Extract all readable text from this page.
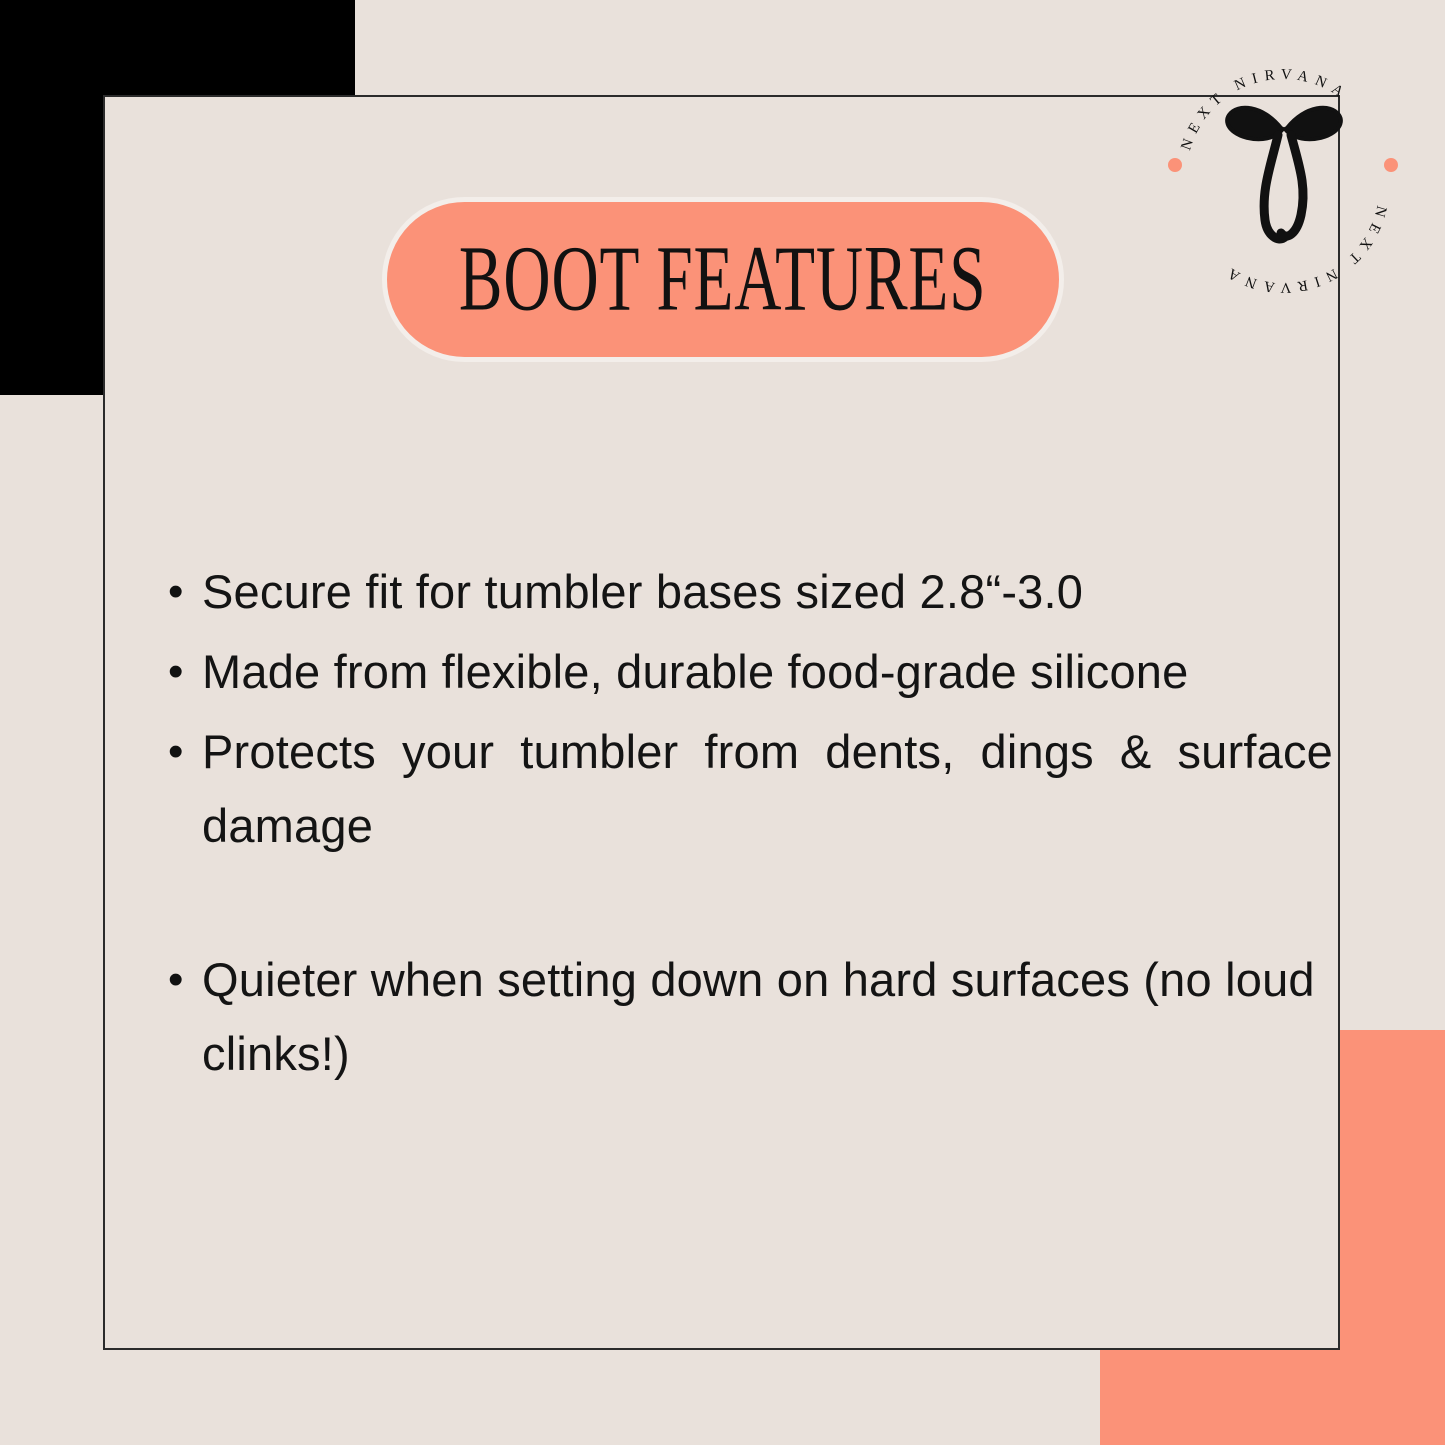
BOOT FEATURES
• Secure fit for tumbler bases sized 2.8“‑3.0
• Made from flexible, durable food-grade silicone
• Protects your tumbler from dents, dings & surface damage
• Quieter when setting down on hard surfaces (no loud clinks!)
NEXT NIRVANA
NEXT NIRVANA
